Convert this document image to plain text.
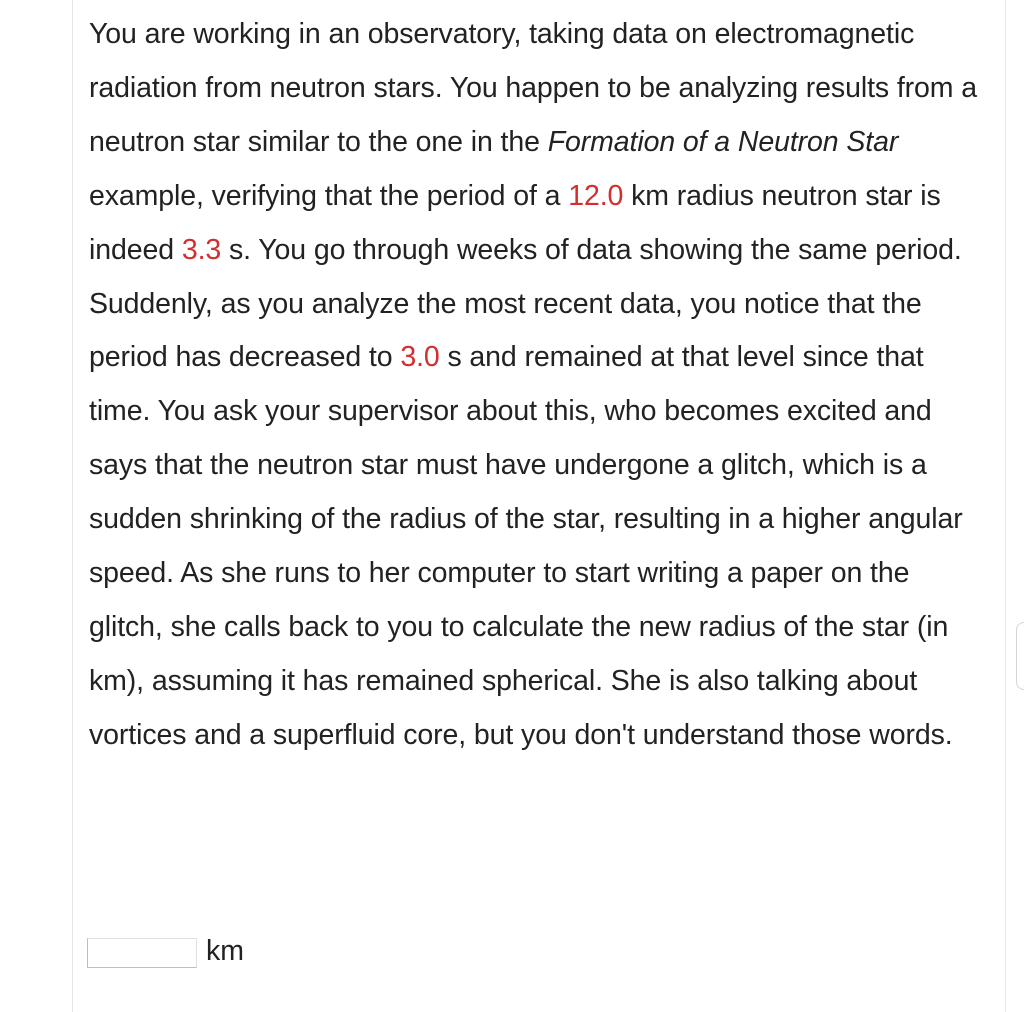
You are working in an observatory, taking data on electromagnetic radiation from neutron stars. You happen to be analyzing results from a neutron star similar to the one in the Formation of a Neutron Star example, verifying that the period of a 12.0 km radius neutron star is indeed 3.3 s. You go through weeks of data showing the same period. Suddenly, as you analyze the most recent data, you notice that the period has decreased to 3.0 s and remained at that level since that time. You ask your supervisor about this, who becomes excited and says that the neutron star must have undergone a glitch, which is a sudden shrinking of the radius of the star, resulting in a higher angular speed. As she runs to her computer to start writing a paper on the glitch, she calls back to you to calculate the new radius of the star (in km), assuming it has remained spherical. She is also talking about vortices and a superfluid core, but you don't understand those words.

km
